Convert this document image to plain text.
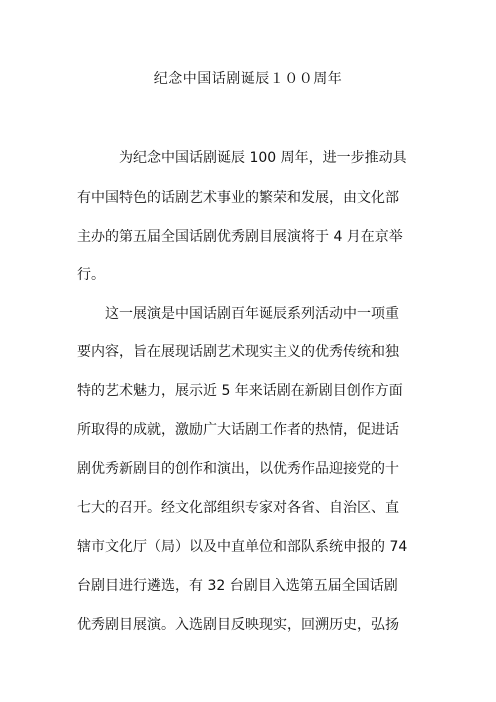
纪念中国话剧诞辰１００周年

为纪念中国话剧诞辰 100 周年，进一步推动具

有中国特色的话剧艺术事业的繁荣和发展，由文化部

主办的第五届全国话剧优秀剧目展演将于 4 月在京举

行。

这一展演是中国话剧百年诞辰系列活动中一项重

要内容，旨在展现话剧艺术现实主义的优秀传统和独

特的艺术魅力，展示近 5 年来话剧在新剧目创作方面

所取得的成就，激励广大话剧工作者的热情，促进话

剧优秀新剧目的创作和演出，以优秀作品迎接党的十

七大的召开。经文化部组织专家对各省、自治区、直

辖市文化厅（局）以及中直单位和部队系统申报的 74

台剧目进行遴选，有 32 台剧目入选第五届全国话剧

优秀剧目展演。入选剧目反映现实，回溯历史，弘扬
